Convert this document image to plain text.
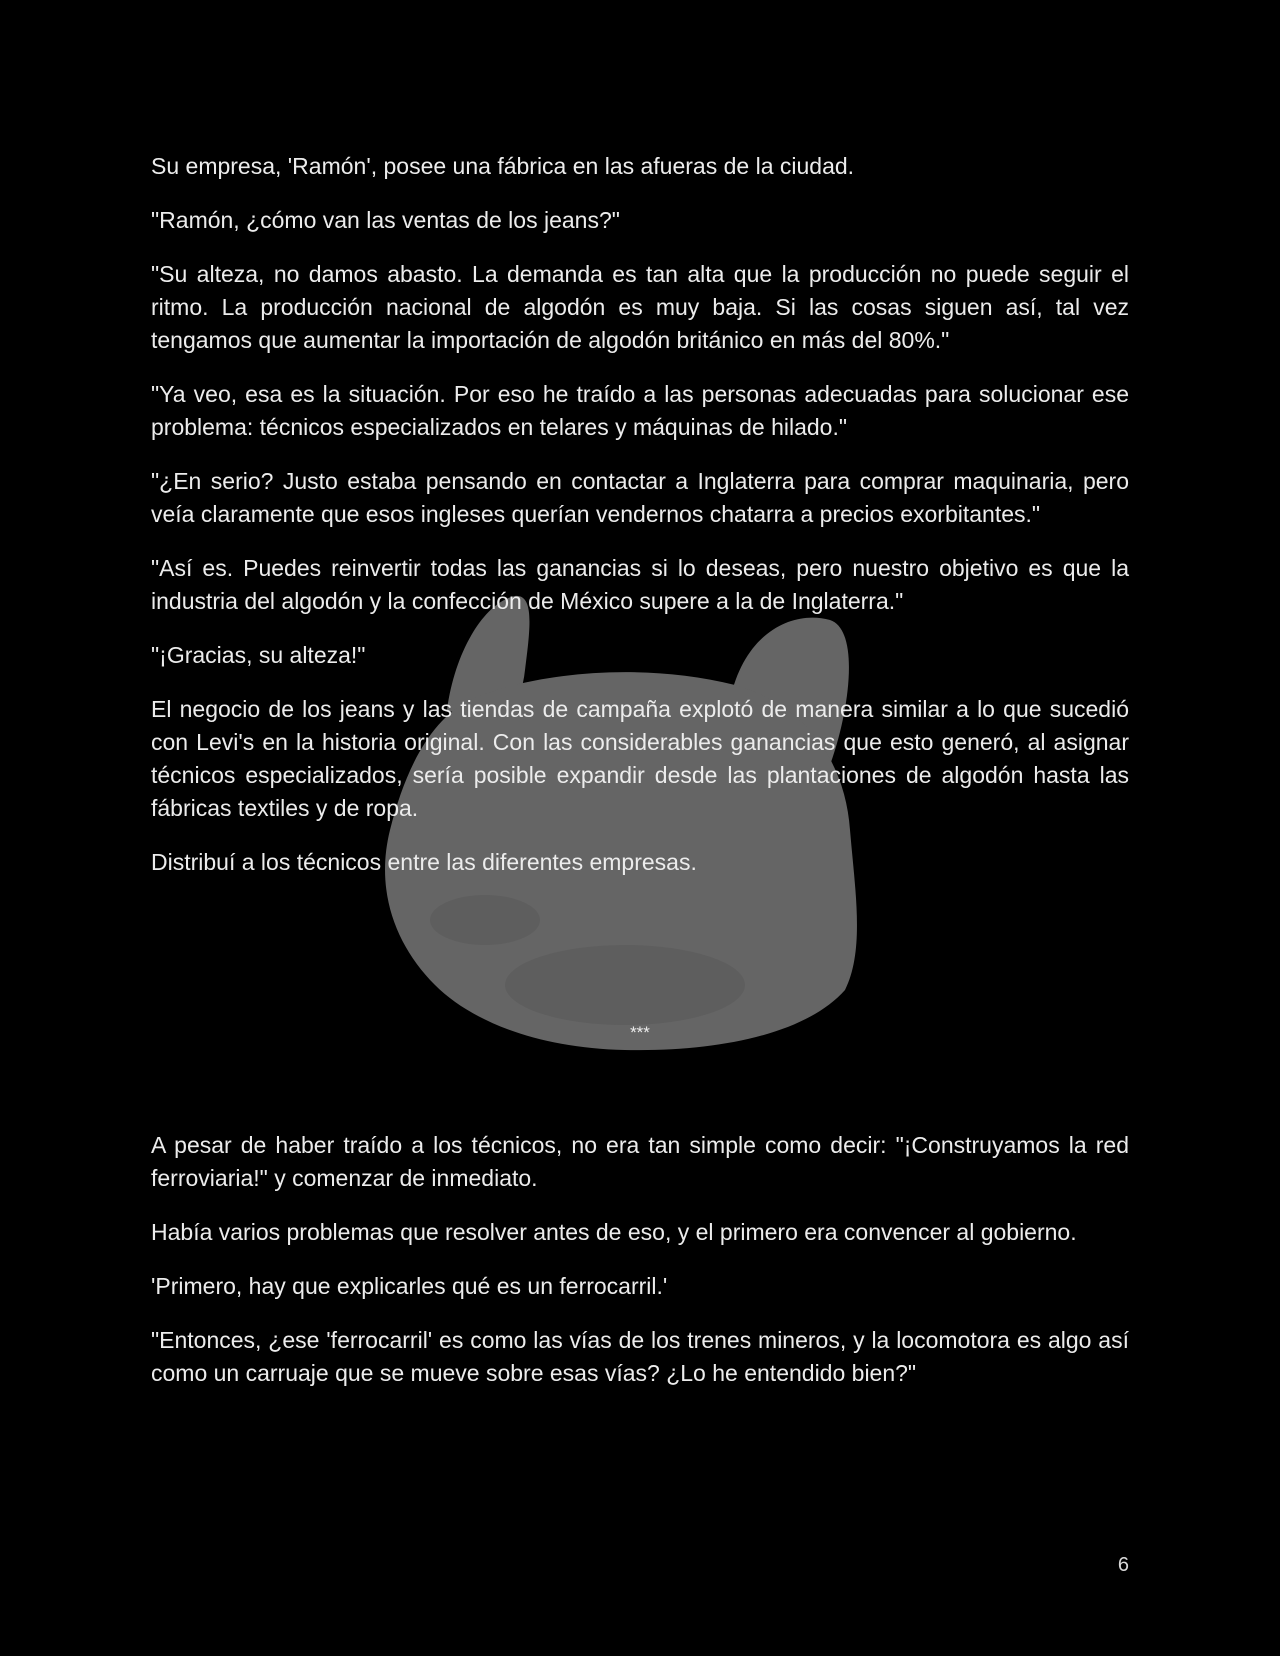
Su empresa, 'Ramón', posee una fábrica en las afueras de la ciudad.

"Ramón, ¿cómo van las ventas de los jeans?"

"Su alteza, no damos abasto. La demanda es tan alta que la producción no puede seguir el ritmo. La producción nacional de algodón es muy baja. Si las cosas siguen así, tal vez tengamos que aumentar la importación de algodón británico en más del 80%."

"Ya veo, esa es la situación. Por eso he traído a las personas adecuadas para solucionar ese problema: técnicos especializados en telares y máquinas de hilado."

"¿En serio? Justo estaba pensando en contactar a Inglaterra para comprar maquinaria, pero veía claramente que esos ingleses querían vendernos chatarra a precios exorbitantes."

"Así es. Puedes reinvertir todas las ganancias si lo deseas, pero nuestro objetivo es que la industria del algodón y la confección de México supere a la de Inglaterra."

"¡Gracias, su alteza!"

El negocio de los jeans y las tiendas de campaña explotó de manera similar a lo que sucedió con Levi's en la historia original. Con las considerables ganancias que esto generó, al asignar técnicos especializados, sería posible expandir desde las plantaciones de algodón hasta las fábricas textiles y de ropa.

Distribuí a los técnicos entre las diferentes empresas.

***

A pesar de haber traído a los técnicos, no era tan simple como decir: "¡Construyamos la red ferroviaria!" y comenzar de inmediato.

Había varios problemas que resolver antes de eso, y el primero era convencer al gobierno.

'Primero, hay que explicarles qué es un ferrocarril.'

"Entonces, ¿ese 'ferrocarril' es como las vías de los trenes mineros, y la locomotora es algo así como un carruaje que se mueve sobre esas vías? ¿Lo he entendido bien?"

6
